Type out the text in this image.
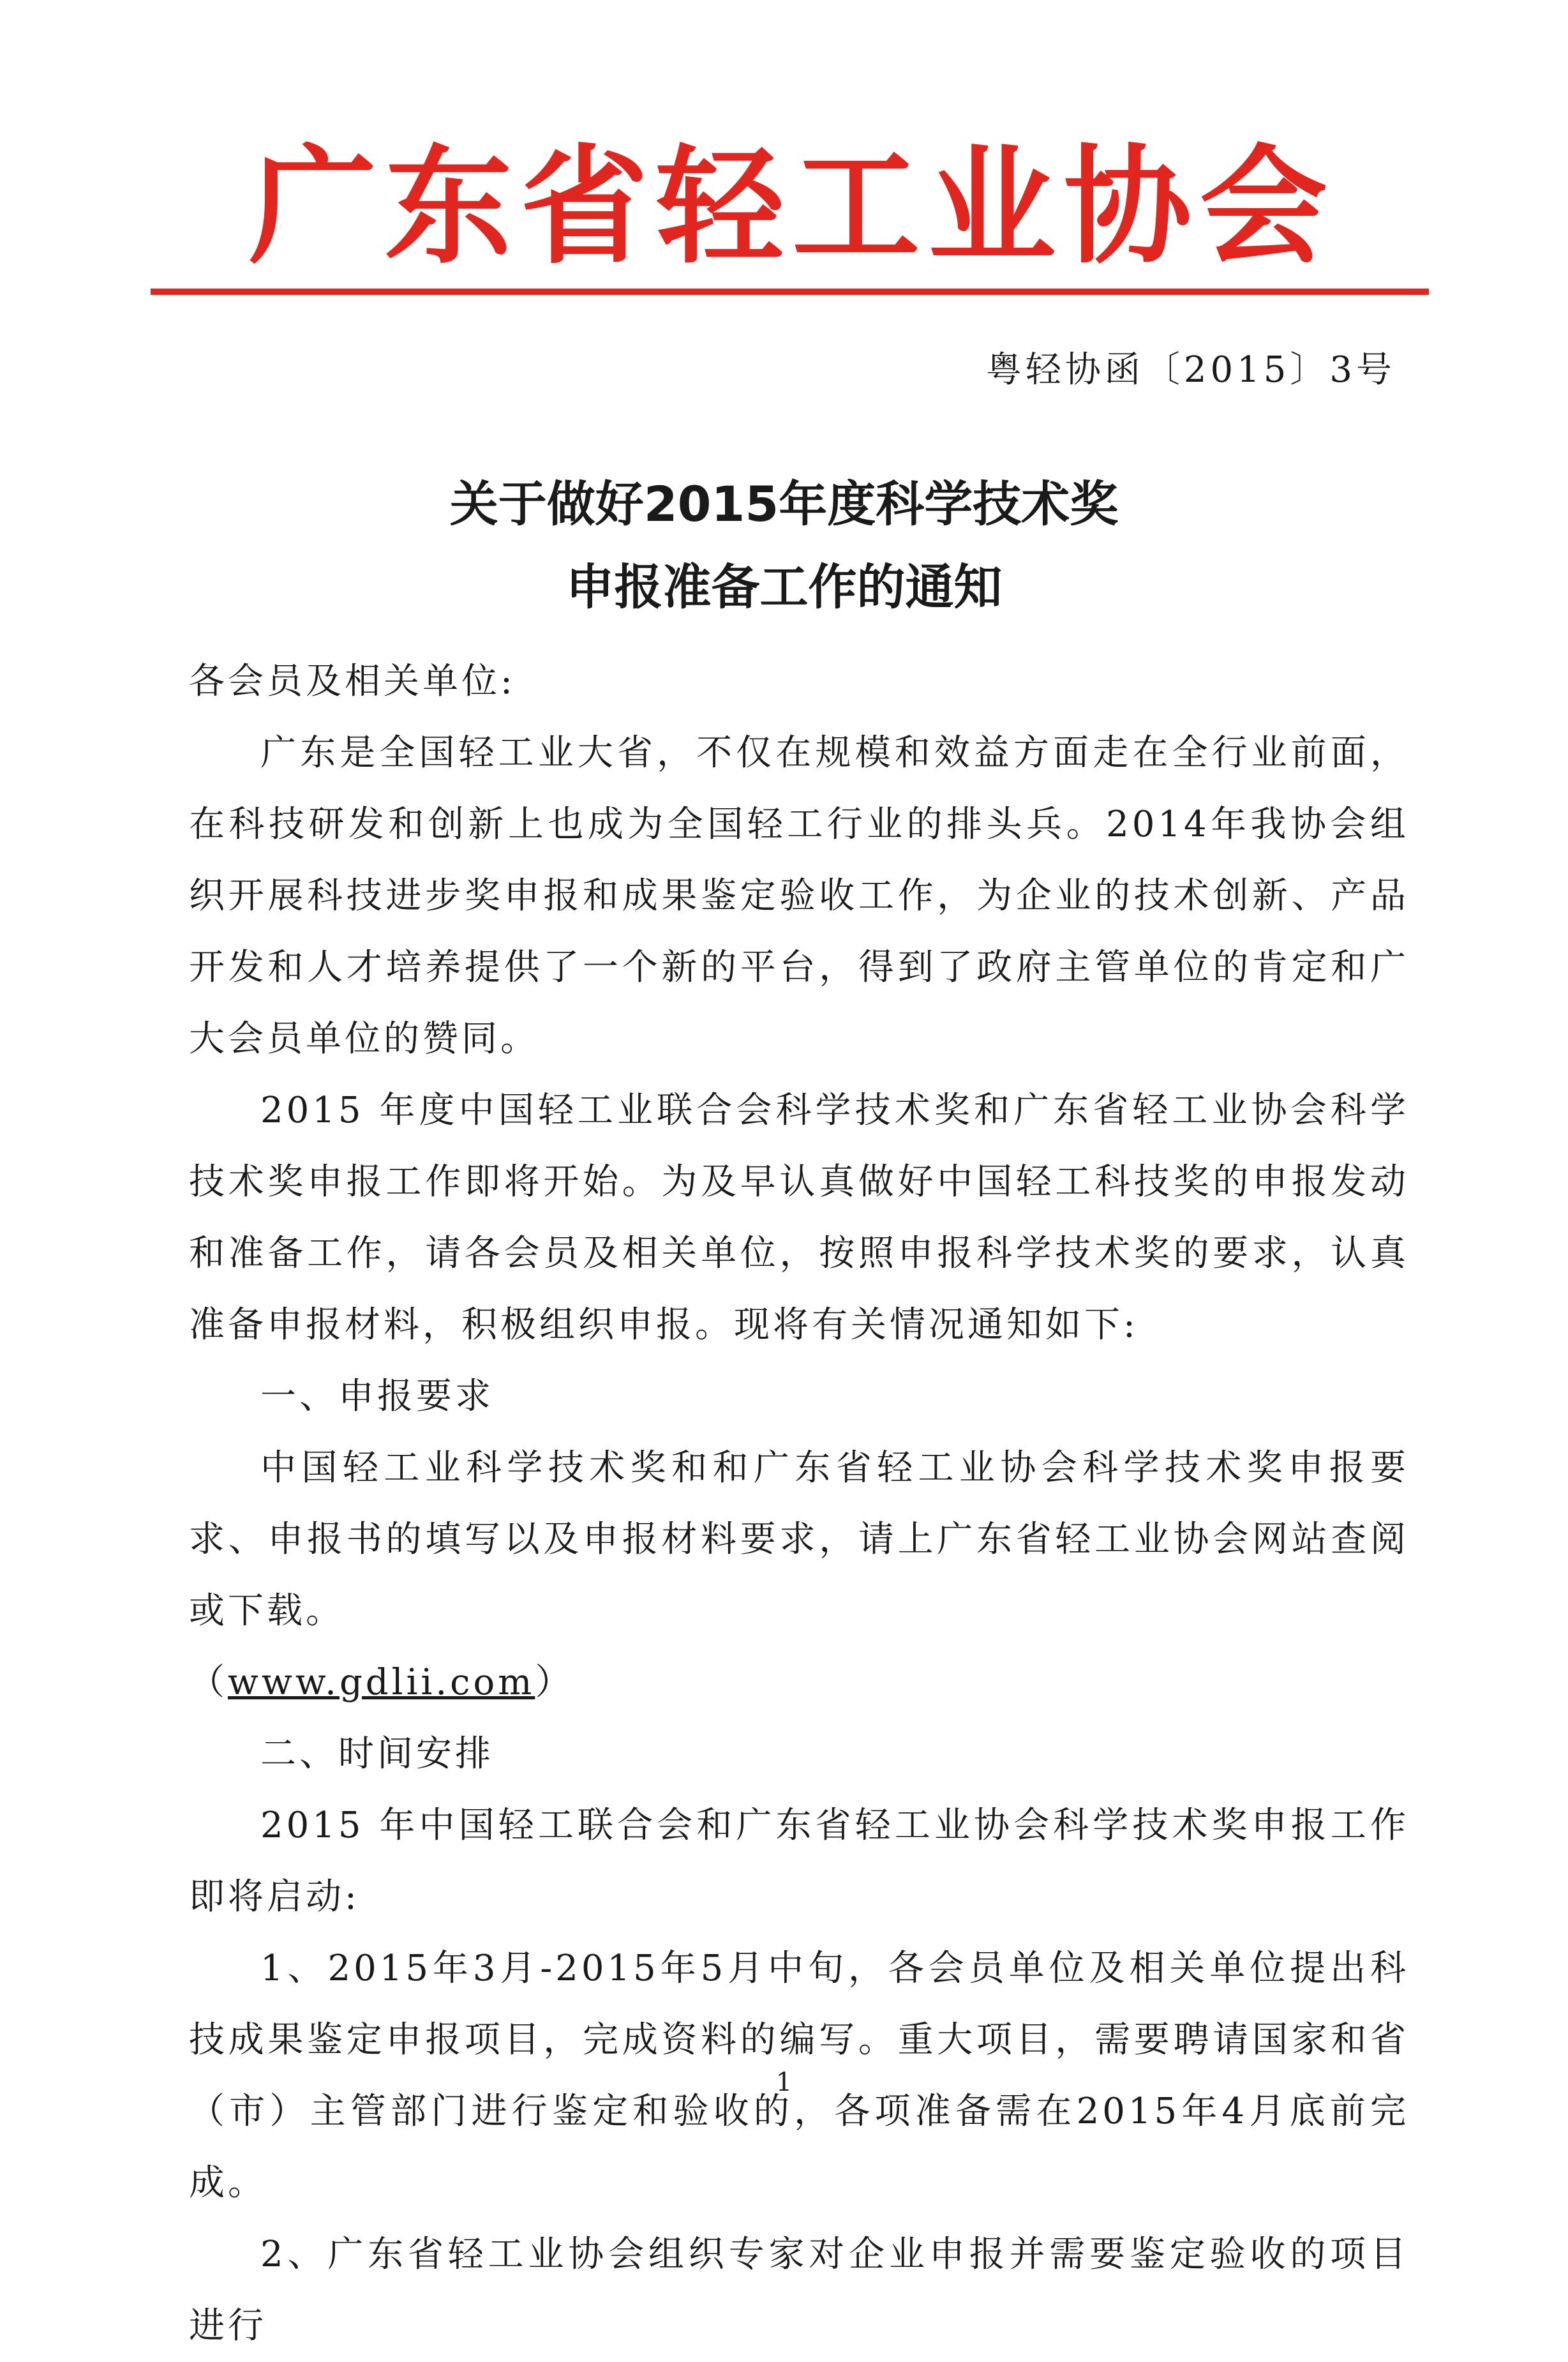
广 东 省 轻 工 业 协 会
粤轻协函〔2015〕3号
关于做好2015年度科学技术奖
申报准备工作的通知

各会员及相关单位:

广东是全国轻工业大省，不仅在规模和效益方面走在全行业前面，在科技研发和创新上也成为全国轻工行业的排头兵。2014年我协会组织开展科技进步奖申报和成果鉴定验收工作，为企业的技术创新、产品开发和人才培养提供了一个新的平台，得到了政府主管单位的肯定和广大会员单位的赞同。

2015 年度中国轻工业联合会科学技术奖和广东省轻工业协会科学技术奖申报工作即将开始。为及早认真做好中国轻工科技奖的申报发动和准备工作，请各会员及相关单位，按照申报科学技术奖的要求，认真准备申报材料，积极组织申报。现将有关情况通知如下:

一、申报要求

中国轻工业科学技术奖和和广东省轻工业协会科学技术奖申报要求、申报书的填写以及申报材料要求，请上广东省轻工业协会网站查阅或下载。

（www.gdlii.com）

二、时间安排

2015 年中国轻工联合会和广东省轻工业协会科学技术奖申报工作即将启动:

1、2015年3月-2015年5月中旬，各会员单位及相关单位提出科技成果鉴定申报项目，完成资料的编写。重大项目，需要聘请国家和省（市）主管部门进行鉴定和验收的，各项准备需在2015年4月底前完成。

2、广东省轻工业协会组织专家对企业申报并需要鉴定验收的项目进行

1
